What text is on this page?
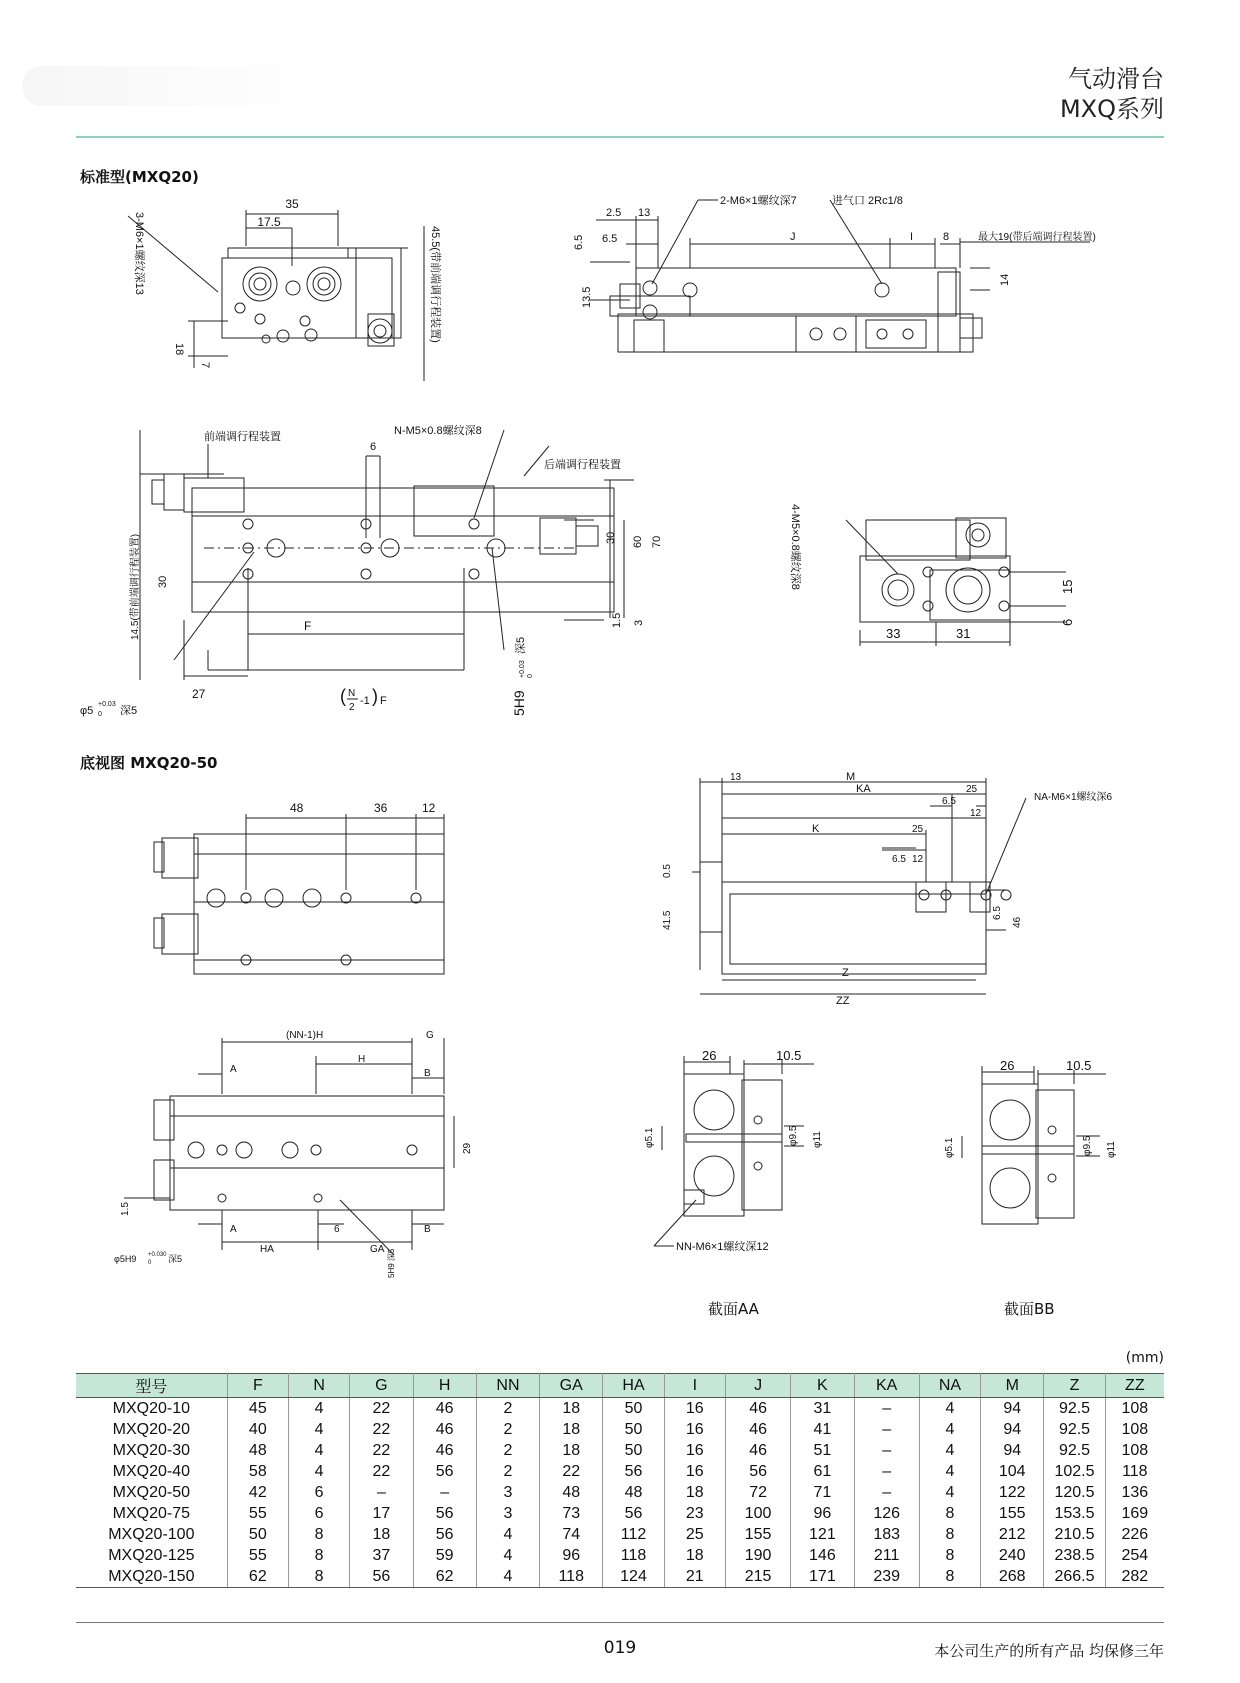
气动滑台
MXQ系列
标准型(MXQ20)
35
17.5
3-M6×1螺纹深13
18
7
45.5(带前端调行程装置)
2-M6×1螺纹深7	进气口 2Rc1/8
2.5 13
6.5	J	I	8	最大19(带后端调行程装置)
6.5
13.5
14
前端调行程装置	N-M5×0.8螺纹深8
后端调行程装置
6
30 60 70
1.5 3
F
27
30
14.5(带前端调行程装置)
φ5
+0.03
0 深5
( N
2
-1 ) F	5H9
+0.03 0
深5
4-M5×0.8螺纹深8
33	31
15
6
底视图 MXQ20-50
48	36	12
13	M
KA	25
6.5
12
K	25
6.5 12
NA-M6×1螺纹深6
0.5
41.5	6.5
46
Z
ZZ
(NN-1)H	G
A
H
B
29
1.5
A	6	B
HA	GA
φ5H9 +0.030
0 深5	5H9 深5
26	10.5
φ5.1	φ9.5 φ11
NN-M6×1螺纹深12
截面AA
26	10.5
φ5.1	φ9.5 φ11
截面BB
(mm)
型号	F	N	G	H	NN	GA	HA	I	J	K	KA	NA	M	Z	ZZ
MXQ20-10	45	4	22	46	2	18	50	16	46	31	–	4	94	92.5	108
MXQ20-20	40	4	22	46	2	18	50	16	46	41	–	4	94	92.5	108
MXQ20-30	48	4	22	46	2	18	50	16	46	51	–	4	94	92.5	108
MXQ20-40	58	4	22	56	2	22	56	16	56	61	–	4	104	102.5	118
MXQ20-50	42	6	–	–	3	48	48	18	72	71	–	4	122	120.5	136
MXQ20-75	55	6	17	56	3	73	56	23	100	96	126	8	155	153.5	169
MXQ20-100	50	8	18	56	4	74	112	25	155	121	183	8	212	210.5	226
MXQ20-125	55	8	37	59	4	96	118	18	190	146	211	8	240	238.5	254
MXQ20-150	62	8	56	62	4	118	124	21	215	171	239	8	268	266.5	282
019	本公司生产的所有产品 均保修三年
